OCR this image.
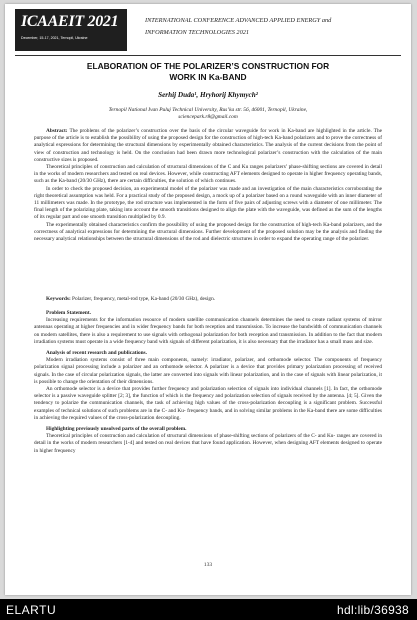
ICAAEIT 2021
December, 15-17, 2021, Ternopil, Ukraine
INTERNATIONAL CONFERENCE ADVANCED APPLIED ENERGY and
INFORMATION TECHNOLOGIES 2021
ELABORATION OF THE POLARIZER’S CONSTRUCTION FOR
WORK IN Ka-BAND
Serhij Duda¹, Hryhorij Khymych²
Ternopil National Ivan Puluj Technical University, Rus’ka str. 56, 46001, Ternopil, Ukraine,
sciencepark.r8@gmail.com

Abstract: The problems of the polarizer’s construction over the basis of the circular waveguide for work in Ka-band are highlighted in the article. The purpose of the article is to establish the possibility of using the proposed design for the construction of high-tech Ka-band polarizers and to prove the correctness of analytical expressions for determining the structural dimensions by experimentally obtained characteristics. The analysis of the current decisions from the point of view of construction and technology is held. On the conclusion had been drawn more technological polarizer’s construction with the calculation of the main constructive sizes is proposed.

Theoretical principles of construction and calculation of structural dimensions of the C and Ku ranges polarizers’ phase-shifting sections are covered in detail in the works of modern researchers and tested on real devices. However, while constructing AFT elements designed to operate in higher frequency operating bands, such as the Ka-band (20/30 GHz), there are certain difficulties, the solution of which continues.

In order to check the proposed decision, an experimental model of the polarizer was made and an investigation of the main characteristics corroborating the right theoretical assumption was held. For a practical study of the proposed design, a mock up of a polarizer based on a round waveguide with an inner diameter of 11 millimeters was made. In the prototype, the rod structure was implemented in the form of five pairs of adjusting screws with a diameter of one millimeter. The final length of the polarizing plate, taking into account the smooth transitions designed to align the plate with the waveguide, was defined as the sum of the lengths of its regular part and one smooth transition multiplied by 0.9.

The experimentally obtained characteristics confirm the possibility of using the proposed design for the construction of high-tech Ka-band polarizers, and the correctness of analytical expressions for determining the structural dimensions. Further development of the proposed solution may be the analysis and finding the necessary analytical relationships between the structural dimensions of the rod and dielectric structures in order to expand the operating range of the polarizer.

Keywords: Polarizer, frequency, metal-rod type, Ka-band (20/30 GHz), design.

Problem Statement.

Increasing requirements for the information resource of modern satellite communication channels determines the need to create radiant systems of mirror antennas operating at higher frequencies and in wider frequency bands for both reception and transmission. To increase the bandwidth of communication channels on modern satellites, there is also a requirement to use signals with orthogonal polarization for both reception and transmission. In addition to the fact that modern irradiation systems must operate in a wide frequency band with signals of different polarization, it is also necessary that the irradiator has a small mass and size.

Analysis of recent research and publications.

Modern irradiation systems consist of three main components, namely: irradiator, polarizer, and orthomode selector. The components of frequency polarization signal processing include a polarizer and an orthomode selector. A polarizer is a device that provides primary polarization processing of received signals. In the case of circular polarization signals, the latter are converted into signals with linear polarization, and in the case of signals with linear polarization, it is possible to change the orientation of their dimensions.

An orthomode selector is a device that provides further frequency and polarization selection of signals into individual channels [1]. In fact, the orthomode selector is a passive waveguide splitter [2; 3], the function of which is the frequency and polarization selection of signals received by the antenna. [4; 5]. Given the tendency to polarize the communication channels, the task of achieving high values of the cross-polarization decoupling is a significant problem. Successful examples of technical solutions of such problems are in the C- and Ku- frequency bands, and in solving similar problems in the Ka-band there are some difficulties in achieving the required values of the cross-polarization decoupling.

Highlighting previously unsolved parts of the overall problem.

Theoretical principles of construction and calculation of structural dimensions of phase-shifting sections of polarizers of the C- and Ku- ranges are covered in detail in the works of modern researchers [1-4] and tested on real devices that have found application. However, when designing AFT elements designed to operate in higher frequency

133
ELARTU	hdl:lib/36938
